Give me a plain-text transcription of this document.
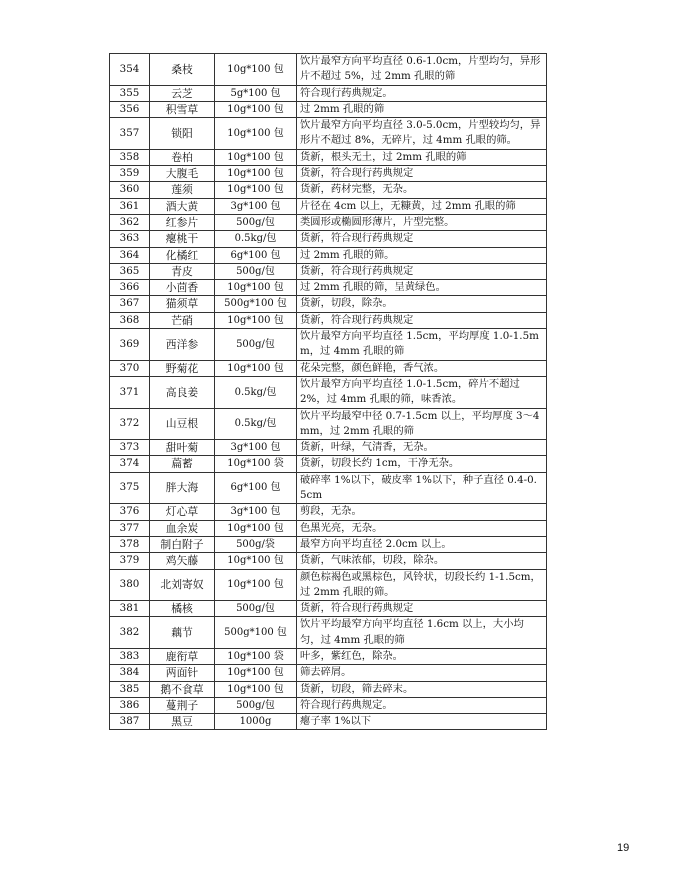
354	桑枝	10g*100 包	饮片最窄方向平均直径 0.6-1.0cm，片型均匀，异形片不超过 5%，过 2mm 孔眼的筛
355	云芝	5g*100 包	符合现行药典规定。
356	积雪草	10g*100 包	过 2mm 孔眼的筛
357	锁阳	10g*100 包	饮片最窄方向平均直径 3.0-5.0cm，片型较均匀，异形片不超过 8%，无碎片，过 4mm 孔眼的筛。
358	卷柏	10g*100 包	货新，根头无土，过 2mm 孔眼的筛
359	大腹毛	10g*100 包	货新，符合现行药典规定
360	莲须	10g*100 包	货新，药材完整，无杂。
361	酒大黄	3g*100 包	片径在 4cm 以上，无糠黄，过 2mm 孔眼的筛
362	红参片	500g/包	类圆形或椭圆形薄片，片型完整。
363	瘪桃干	0.5kg/包	货新，符合现行药典规定
364	化橘红	6g*100 包	过 2mm 孔眼的筛。
365	青皮	500g/包	货新，符合现行药典规定
366	小茴香	10g*100 包	过 2mm 孔眼的筛，呈黄绿色。
367	猫须草	500g*100 包	货新，切段，除杂。
368	芒硝	10g*100 包	货新，符合现行药典规定
369	西洋参	500g/包	饮片最窄方向平均直径 1.5cm，平均厚度 1.0-1.5mm，过 4mm 孔眼的筛
370	野菊花	10g*100 包	花朵完整，颜色鲜艳，香气浓。
371	高良姜	0.5kg/包	饮片最窄方向平均直径 1.0-1.5cm，碎片不超过 2%，过 4mm 孔眼的筛，味香浓。
372	山豆根	0.5kg/包	饮片平均最窄中径 0.7-1.5cm 以上，平均厚度 3～4mm，过 2mm 孔眼的筛
373	甜叶菊	3g*100 包	货新，叶绿，气清香，无杂。
374	萹蓄	10g*100 袋	货新，切段长约 1cm，干净无杂。
375	胖大海	6g*100 包	破碎率 1%以下，破皮率 1%以下，种子直径 0.4-0.5cm
376	灯心草	3g*100 包	剪段，无杂。
377	血余炭	10g*100 包	色黑光亮，无杂。
378	制白附子	500g/袋	最窄方向平均直径 2.0cm 以上。
379	鸡矢藤	10g*100 包	货新，气味浓郁，切段，除杂。
380	北刘寄奴	10g*100 包	颜色棕褐色或黑棕色，风铃状，切段长约 1-1.5cm，过 2mm 孔眼的筛。
381	橘核	500g/包	货新，符合现行药典规定
382	藕节	500g*100 包	饮片平均最窄方向平均直径 1.6cm 以上，大小均匀，过 4mm 孔眼的筛
383	鹿衔草	10g*100 袋	叶多，紫红色，除杂。
384	两面针	10g*100 包	筛去碎屑。
385	鹅不食草	10g*100 包	货新，切段，筛去碎末。
386	蔓荆子	500g/包	符合现行药典规定。
387	黑豆	1000g	瘪子率 1%以下
19
